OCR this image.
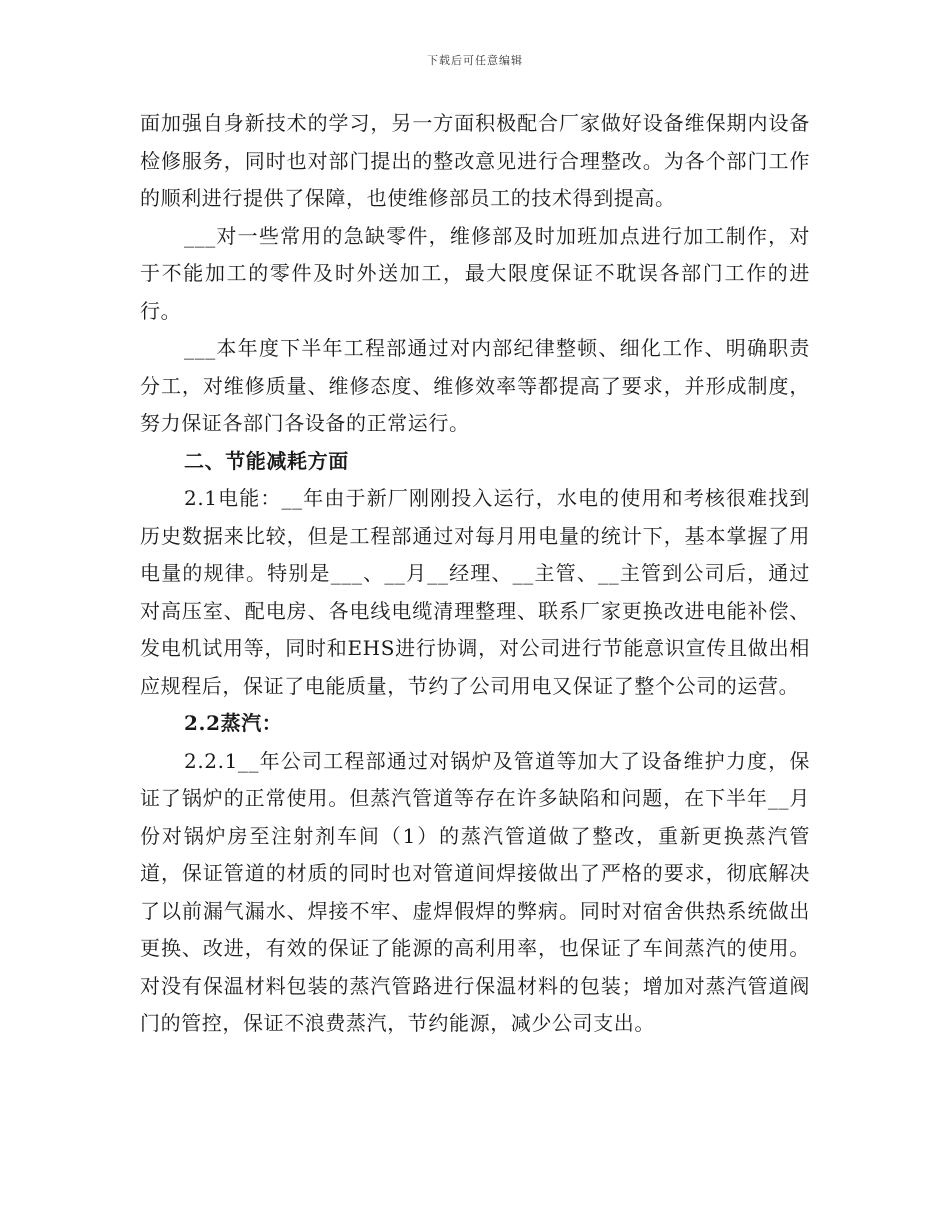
下载后可任意编辑

面加强自身新技术的学习，另一方面积极配合厂家做好设备维保期内设备检修服务，同时也对部门提出的整改意见进行合理整改。为各个部门工作的顺利进行提供了保障，也使维修部员工的技术得到提高。

___对一些常用的急缺零件，维修部及时加班加点进行加工制作，对于不能加工的零件及时外送加工，最大限度保证不耽误各部门工作的进行。

___本年度下半年工程部通过对内部纪律整顿、细化工作、明确职责分工，对维修质量、维修态度、维修效率等都提高了要求，并形成制度，努力保证各部门各设备的正常运行。

二、节能减耗方面

2.1电能：__年由于新厂刚刚投入运行，水电的使用和考核很难找到历史数据来比较，但是工程部通过对每月用电量的统计下，基本掌握了用电量的规律。特别是___、__月__经理、__主管、__主管到公司后，通过对高压室、配电房、各电线电缆清理整理、联系厂家更换改进电能补偿、发电机试用等，同时和EHS进行协调，对公司进行节能意识宣传且做出相应规程后，保证了电能质量，节约了公司用电又保证了整个公司的运营。

2.2蒸汽：

2.2.1__年公司工程部通过对锅炉及管道等加大了设备维护力度，保证了锅炉的正常使用。但蒸汽管道等存在许多缺陷和问题，在下半年__月份对锅炉房至注射剂车间（1）的蒸汽管道做了整改，重新更换蒸汽管道，保证管道的材质的同时也对管道间焊接做出了严格的要求，彻底解决了以前漏气漏水、焊接不牢、虚焊假焊的弊病。同时对宿舍供热系统做出更换、改进，有效的保证了能源的高利用率，也保证了车间蒸汽的使用。对没有保温材料包装的蒸汽管路进行保温材料的包装；增加对蒸汽管道阀门的管控，保证不浪费蒸汽，节约能源，减少公司支出。
